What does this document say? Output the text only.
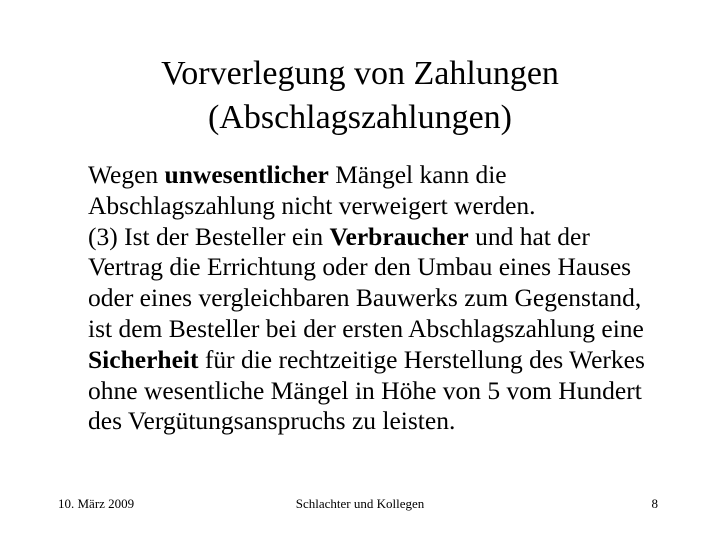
Vorverlegung von Zahlungen
(Abschlagszahlungen)

Wegen unwesentlicher Mängel kann die Abschlagszahlung nicht verweigert werden.

(3) Ist der Besteller ein Verbraucher und hat der Vertrag die Errichtung oder den Umbau eines Hauses oder eines vergleichbaren Bauwerks zum Gegenstand, ist dem Besteller bei der ersten Abschlagszahlung eine Sicherheit für die rechtzeitige Herstellung des Werkes ohne wesentliche Mängel in Höhe von 5 vom Hundert des Vergütungsanspruchs zu leisten.

10. März 2009	Schlachter und Kollegen	8
